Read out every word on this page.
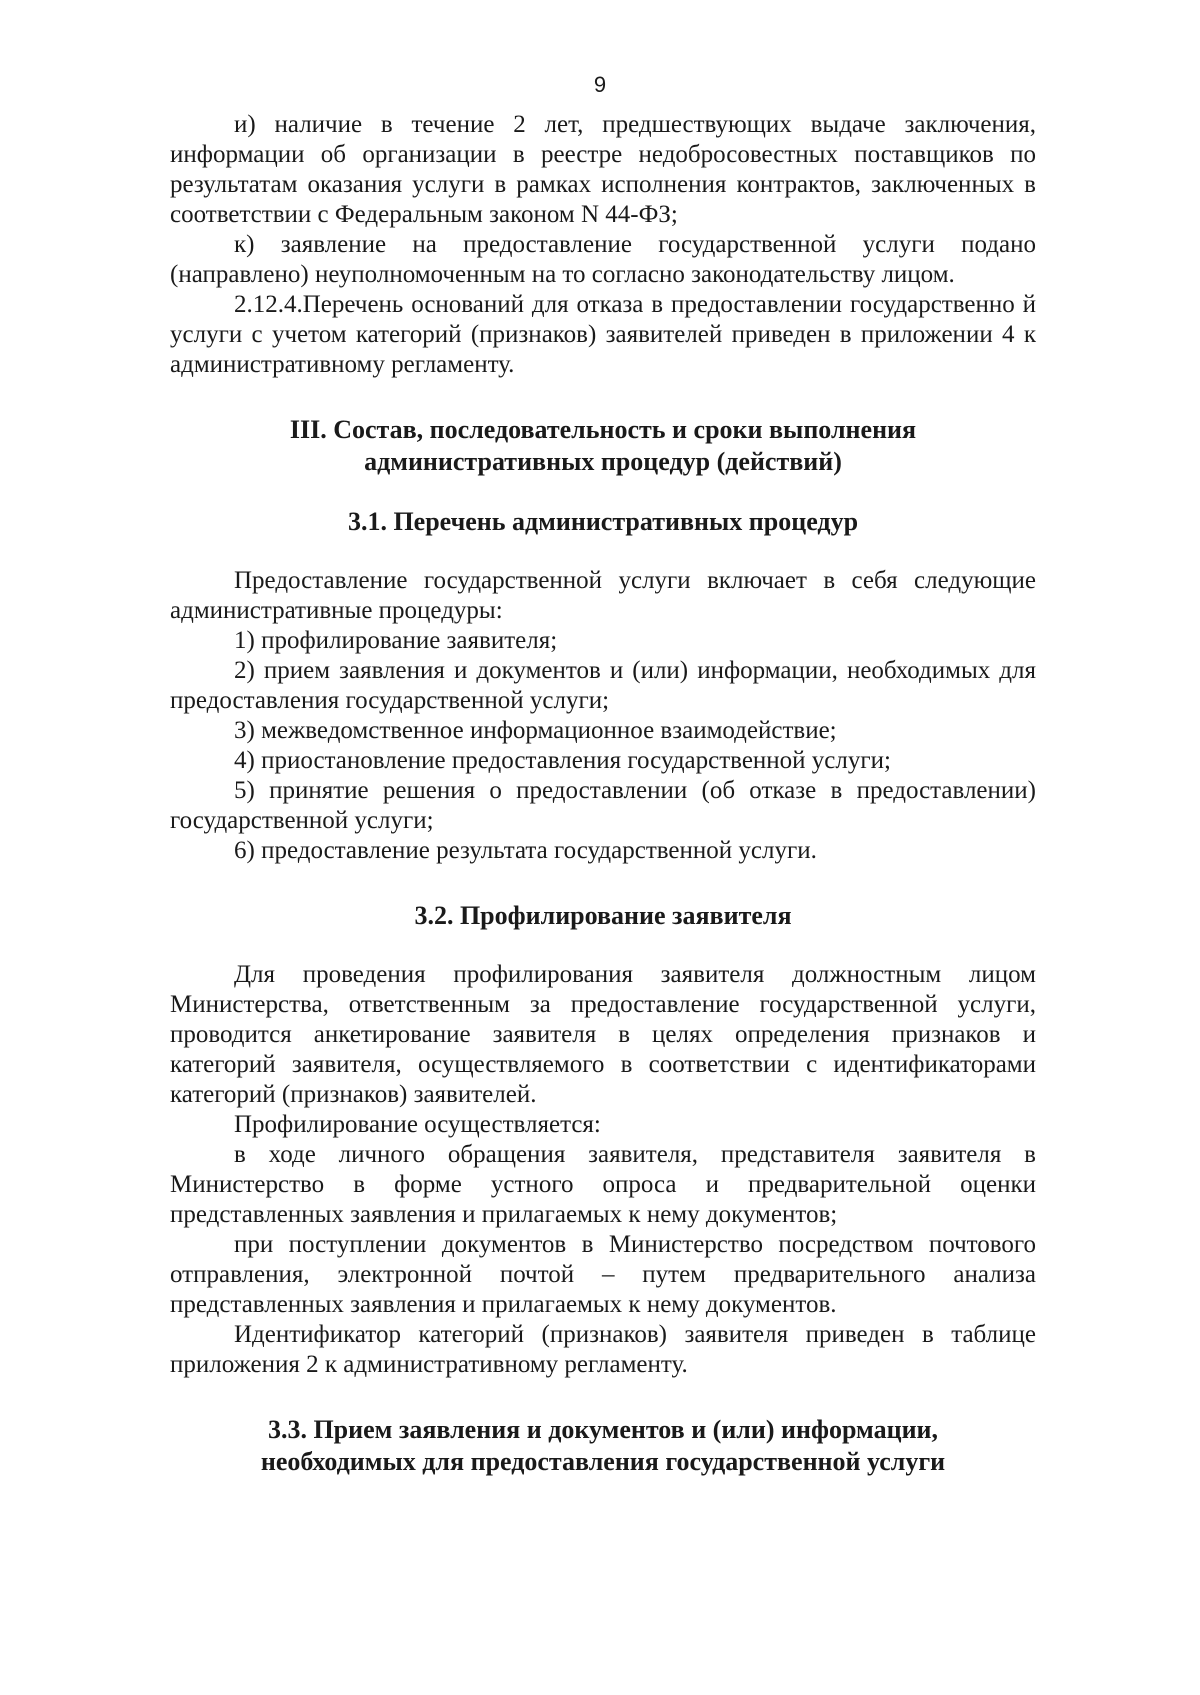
9

и) наличие в течение 2 лет, предшествующих выдаче заключения, информации об организации в реестре недобросовестных поставщиков по результатам оказания услуги в рамках исполнения контрактов, заключенных в соответствии с Федеральным законом N 44-ФЗ;

к) заявление на предоставление государственной услуги подано (направлено) неуполномоченным на то согласно законодательству лицом.

2.12.4.Перечень оснований для отказа в предоставлении государственно й услуги с учетом категорий (признаков) заявителей приведен в приложении 4 к административному регламенту.

III. Состав, последовательность и сроки выполнения

административных процедур (действий)

3.1. Перечень административных процедур

Предоставление государственной услуги включает в себя следующие административные процедуры:

1) профилирование заявителя;

2) прием заявления и документов и (или) информации, необходимых для предоставления государственной услуги;

3) межведомственное информационное взаимодействие;

4) приостановление предоставления государственной услуги;

5) принятие решения о предоставлении (об отказе в предоставлении) государственной услуги;

6) предоставление результата государственной услуги.

3.2. Профилирование заявителя

Для проведения профилирования заявителя должностным лицом Министерства, ответственным за предоставление государственной услуги, проводится анкетирование заявителя в целях определения признаков и категорий заявителя, осуществляемого в соответствии с идентификаторами категорий (признаков) заявителей.

Профилирование осуществляется:

в ходе личного обращения заявителя, представителя заявителя в Министерство в форме устного опроса и предварительной оценки представленных заявления и прилагаемых к нему документов;

при поступлении документов в Министерство посредством почтового отправления, электронной почтой – путем предварительного анализа представленных заявления и прилагаемых к нему документов.

Идентификатор категорий (признаков) заявителя приведен в таблице приложения 2 к административному регламенту.

3.3. Прием заявления и документов и (или) информации,

необходимых для предоставления государственной услуги
